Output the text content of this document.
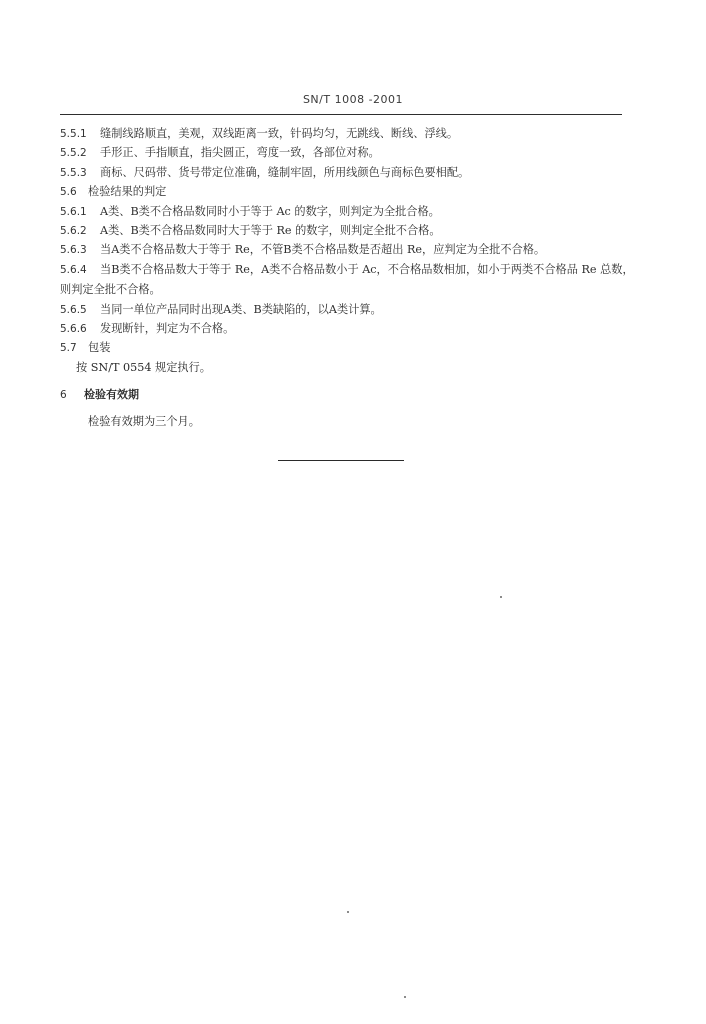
SN/T 1008 -2001
5.5.1 缝制线路顺直，美观，双线距离一致，针码均匀，无跳线、断线、浮线。
5.5.2 手形正、手指顺直，指尖圆正，弯度一致，各部位对称。
5.5.3 商标、尺码带、货号带定位准确，缝制牢固，所用线颜色与商标色要相配。
5.6 检验结果的判定
5.6.1 A类、B类不合格品数同时小于等于 Ac 的数字，则判定为全批合格。
5.6.2 A类、B类不合格品数同时大于等于 Re 的数字，则判定全批不合格。
5.6.3 当A类不合格品数大于等于 Re，不管B类不合格品数是否超出 Re，应判定为全批不合格。
5.6.4 当B类不合格品数大于等于 Re，A类不合格品数小于 Ac，不合格品数相加，如小于两类不合格品 Re 总数，则判定全批不合格。
5.6.5 当同一单位产品同时出现A类、B类缺陷的，以A类计算。
5.6.6 发现断针，判定为不合格。
5.7 包装
按 SN/T 0554 规定执行。
6 检验有效期
检验有效期为三个月。
